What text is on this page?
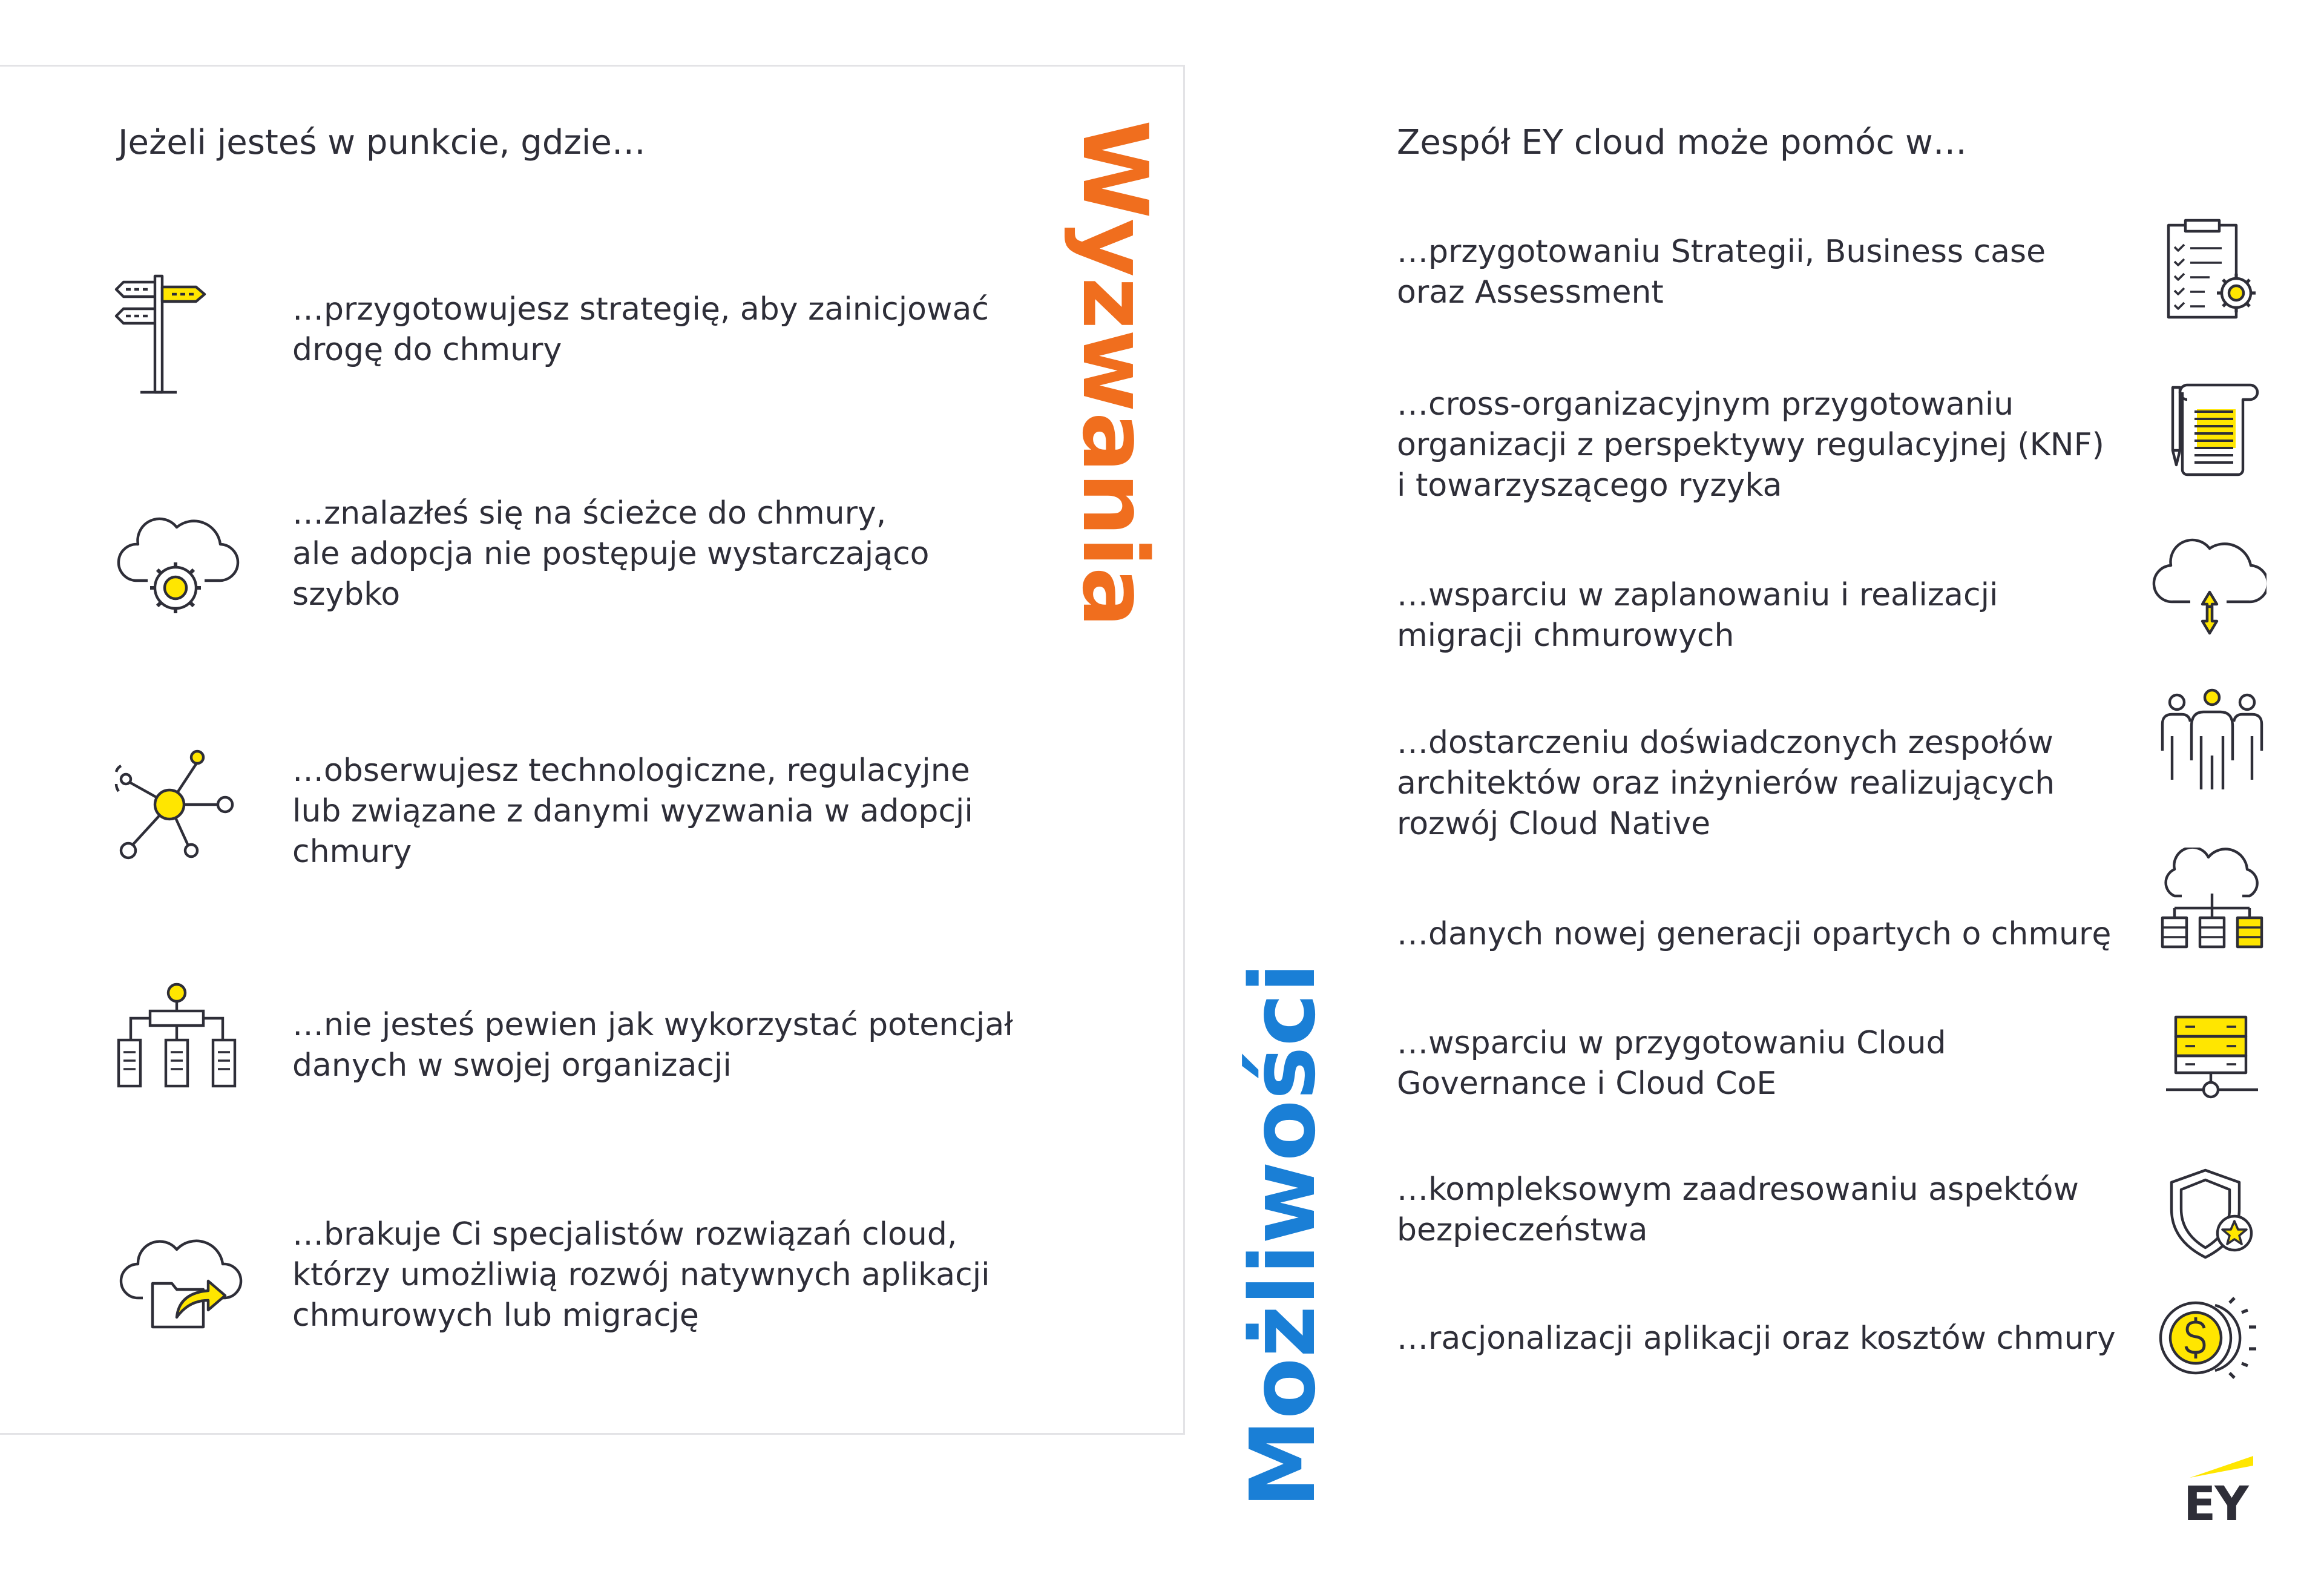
Jeżeli jesteś w punkcie, gdzie…	Wyzwania

…przygotowujesz strategię, aby zainicjować
drogę do chmury

…znalazłeś się na ścieżce do chmury,
ale adopcja nie postępuje wystarczająco
szybko

…obserwujesz technologiczne, regulacyjne
lub związane z danymi wyzwania w adopcji
chmury

…nie jesteś pewien jak wykorzystać potencjał
danych w swojej organizacji

…brakuje Ci specjalistów rozwiązań cloud,
którzy umożliwią rozwój natywnych aplikacji
chmurowych lub migrację

Zespół EY cloud może pomóc w…
Możliwości

…przygotowaniu Strategii, Business case
oraz Assessment

…cross-organizacyjnym przygotowaniu
organizacji z perspektywy regulacyjnej (KNF)
i towarzyszącego ryzyka

…wsparciu w zaplanowaniu i realizacji
migracji chmurowych

…dostarczeniu doświadczonych zespołów
architektów oraz inżynierów realizujących
rozwój Cloud Native

…danych nowej generacji opartych o chmurę

…wsparciu w przygotowaniu Cloud
Governance i Cloud CoE

…kompleksowym zaadresowaniu aspektów
bezpieczeństwa

…racjonalizacji aplikacji oraz kosztów chmury

EY
